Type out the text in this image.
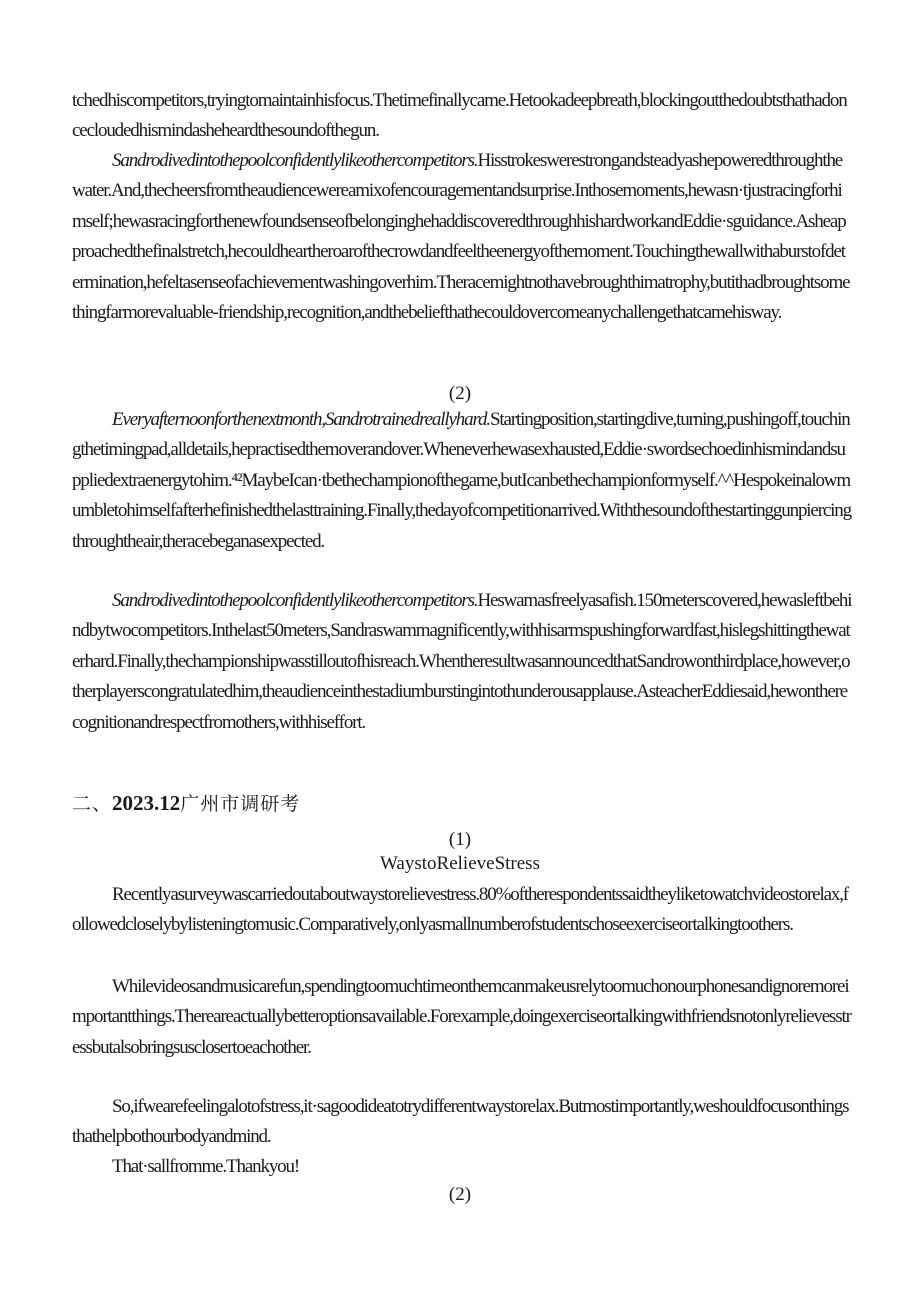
tchedhiscompetitors,tryingtomaintainhisfocus.Thetimefinallycame.Hetookadeepbreath,blockingoutthedoubtsthathadoncecloudedhismindasheheardthesoundofthegun.

Sandrodivedintothepoolconfidentlylikeothercompetitors.Hisstrokeswerestrongandsteadyashepoweredthroughthewater.And,thecheersfromtheaudiencewereamixofencouragementandsurprise.Inthosemoments,hewasn·tjustracingforhimself;hewasracingforthenewfoundsenseofbelonginghehaddiscoveredthroughhishardworkandEddie·sguidance.Asheapproachedthefinalstretch,hecouldheartheroarofthecrowdandfeeltheenergyofthemoment.Touchingthewallwithaburstofdetermination,hefeltasenseofachievementwashingoverhim.Theracemightnothavebroughthimatrophy,butithadbroughtsomethingfarmorevaluable-friendship,recognition,andthebeliefthathecouldovercomeanychallengethatcamehisway.

(2)

Everyafternoonforthenextmonth,Sandrotrainedreallyhard.Startingposition,startingdive,turning,pushingoff,touchingthetimingpad,alldetails,hepractisedthemoverandover.Wheneverhewasexhausted,Eddie·swordsechoedinhismindandsuppliedextraenergytohim.⁴²MaybeIcan·tbethechampionofthegame,butIcanbethechampionformyself.^^Hespokeinalowmumbletohimselfafterhefinishedthelasttraining.Finally,thedayofcompetitionarrived.Withthesoundofthestartinggunpiercingthroughtheair,theracebeganasexpected.

Sandrodivedintothepoolconfidentlylikeothercompetitors.Heswamasfreelyasafish.150meterscovered,hewasleftbehindbytwocompetitors.Inthelast50meters,Sandraswammagnificently,withhisarmspushingforwardfast,hislegshittingthewaterhard.Finally,thechampionshipwasstilloutofhisreach.WhentheresultwasannouncedthatSandrowonthirdplace,however,otherplayerscongratulatedhim,theaudienceinthestadiumburstingintothunderousapplause.AsteacherEddiesaid,hewontherecognitionandrespectfromothers,withhiseffort.

二、2023.12广州市调研考

(1)

WaystoRelieveStress

Recentlyasurveywascarriedoutaboutwaystorelievestress.80%oftherespondentssaidtheyliketowatchvideostorelax,followedcloselybylisteningtomusic.Comparatively,onlyasmallnumberofstudentschoseexerciseortalkingtoothers.

Whilevideosandmusicarefun,spendingtoomuchtimeonthemcanmakeusrelytoomuchonourphonesandignoremoreimportantthings.Thereareactuallybetteroptionsavailable.Forexample,doingexerciseortalkingwithfriendsnotonlyrelievesstressbutalsobringsusclosertoeachother.

So,ifwearefeelingalotofstress,it·sagoodideatotrydifferentwaystorelax.Butmostimportantly,weshouldfocusonthingsthathelpbothourbodyandmind.

That·sallfromme.Thankyou!

(2)
